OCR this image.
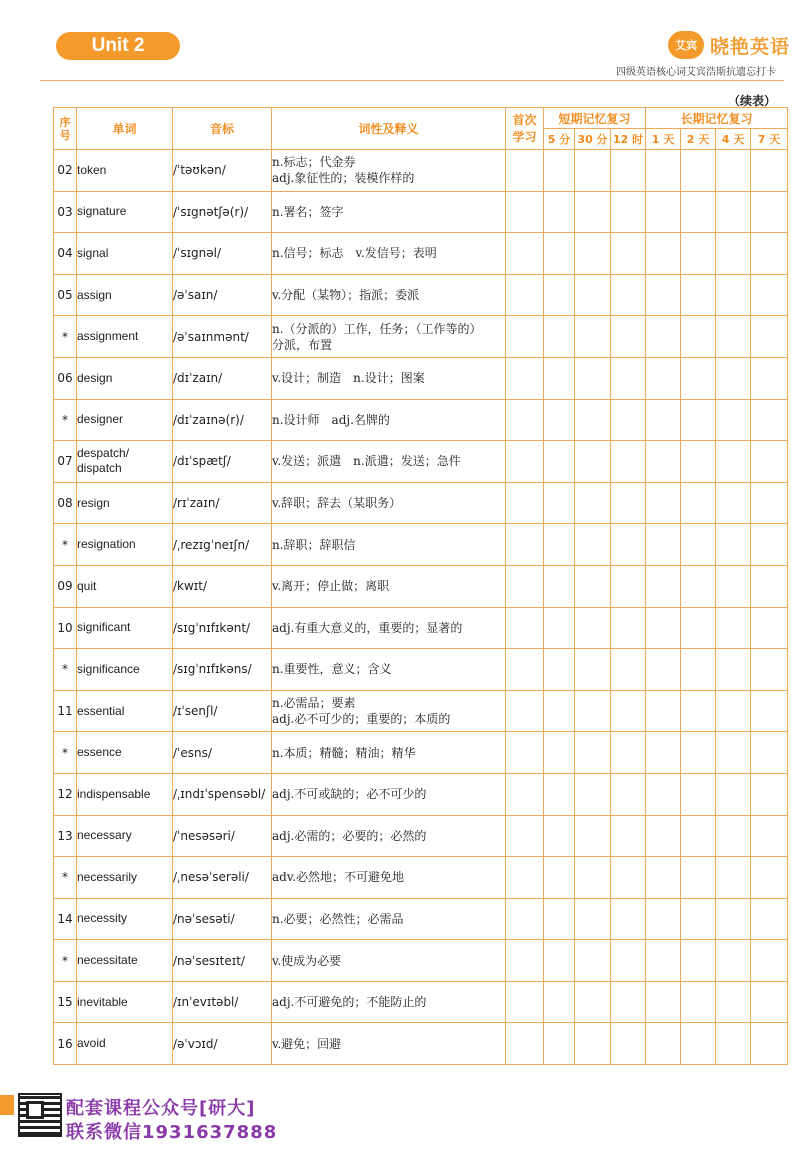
Unit 2	艾宾 晓艳英语
四级英语核心词艾宾浩斯抗遗忘打卡
（续表）
序号	单词	音标	词性及释义	首次学习	短期记忆复习			长期记忆复习			
					5 分	30 分	12 时	1 天	2 天	4 天	7 天
02	token	/ˈtəʊkən/	n.标志；代金券
adj.象征性的；装模作样的								

03	signature	/ˈsɪgnətʃə(r)/	n.署名；签字								

04	signal	/ˈsɪgnəl/	n.信号；标志　v.发信号；表明								

05	assign	/əˈsaɪn/	v.分配（某物）；指派；委派								

*	assignment	/əˈsaɪnmənt/	n.（分派的）工作，任务；（工作等的）
分派，布置								

06	design	/dɪˈzaɪn/	v.设计；制造　n.设计；图案								

*	designer	/dɪˈzaɪnə(r)/	n.设计师　adj.名牌的								

07	despatch/
dispatch	/dɪˈspætʃ/	v.发送；派遣　n.派遣；发送；急件								

08	resign	/rɪˈzaɪn/	v.辞职；辞去（某职务）								

*	resignation	/ˌrezɪgˈneɪʃn/	n.辞职；辞职信								

09	quit	/kwɪt/	v.离开；停止做；离职								

10	significant	/sɪgˈnɪfɪkənt/	adj.有重大意义的，重要的；显著的								

*	significance	/sɪgˈnɪfɪkəns/	n.重要性，意义；含义								

11	essential	/ɪˈsenʃl/	n.必需品；要素
adj.必不可少的；重要的；本质的								

*	essence	/ˈesns/	n.本质；精髓；精油；精华								

12	indispensable	/ˌɪndɪˈspensəbl/	adj.不可或缺的；必不可少的								

13	necessary	/ˈnesəsəri/	adj.必需的；必要的；必然的								

*	necessarily	/ˌnesəˈserəli/	adv.必然地；不可避免地								

14	necessity	/nəˈsesəti/	n.必要；必然性；必需品								

*	necessitate	/nəˈsesɪteɪt/	v.使成为必要								

15	inevitable	/ɪnˈevɪtəbl/	adj.不可避免的；不能防止的								

16	avoid	/əˈvɔɪd/	v.避免；回避								

配套课程公众号[研大]
联系微信1931637888
